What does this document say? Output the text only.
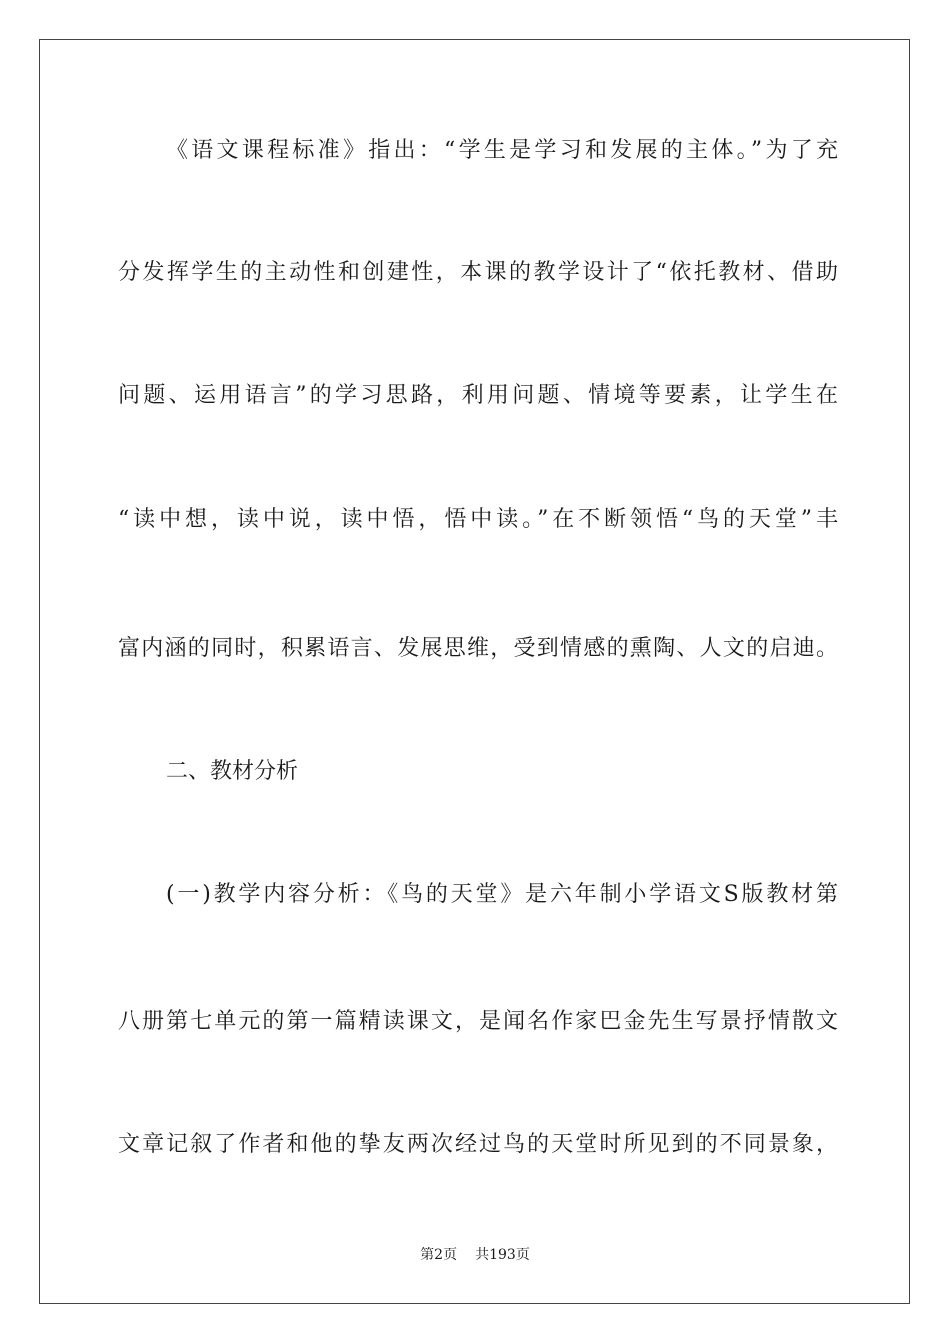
《语文课程标准》指出：“学生是学习和发展的主体。”为了充
分发挥学生的主动性和创建性，本课的教学设计了“依托教材、借助
问题、运用语言”的学习思路，利用问题、情境等要素，让学生在
“读中想，读中说，读中悟，悟中读。”在不断领悟“鸟的天堂”丰
富内涵的同时，积累语言、发展思维，受到情感的熏陶、人文的启迪。
二、教材分析
(一)教学内容分析：《鸟的天堂》是六年制小学语文S版教材第
八册第七单元的第一篇精读课文，是闻名作家巴金先生写景抒情散文
文章记叙了作者和他的挚友两次经过鸟的天堂时所见到的不同景象，
第2页 共193页
